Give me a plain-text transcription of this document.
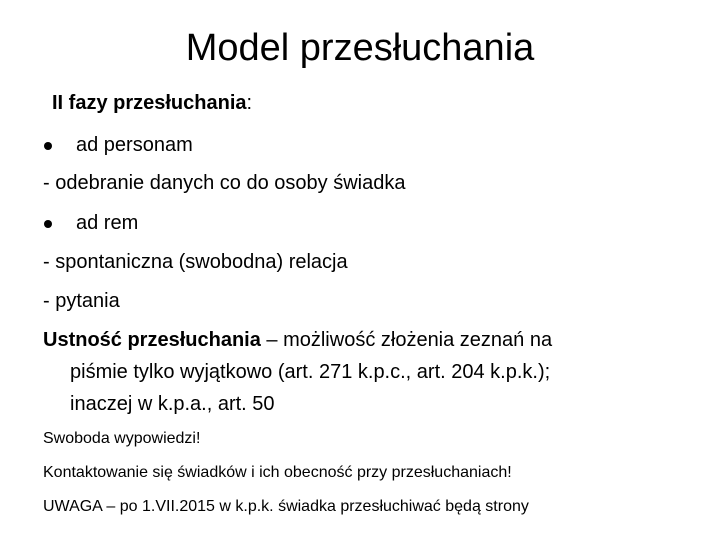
Model przesłuchania
II fazy przesłuchania:
ad personam
- odebranie danych co do osoby świadka
ad rem
- spontaniczna (swobodna) relacja
- pytania
Ustność przesłuchania – możliwość złożenia zeznań na
piśmie tylko wyjątkowo (art. 271 k.p.c., art. 204 k.p.k.);
inaczej w k.p.a., art. 50
Swoboda wypowiedzi!
Kontaktowanie się świadków i ich obecność przy przesłuchaniach!
UWAGA – po 1.VII.2015 w k.p.k. świadka przesłuchiwać będą strony
